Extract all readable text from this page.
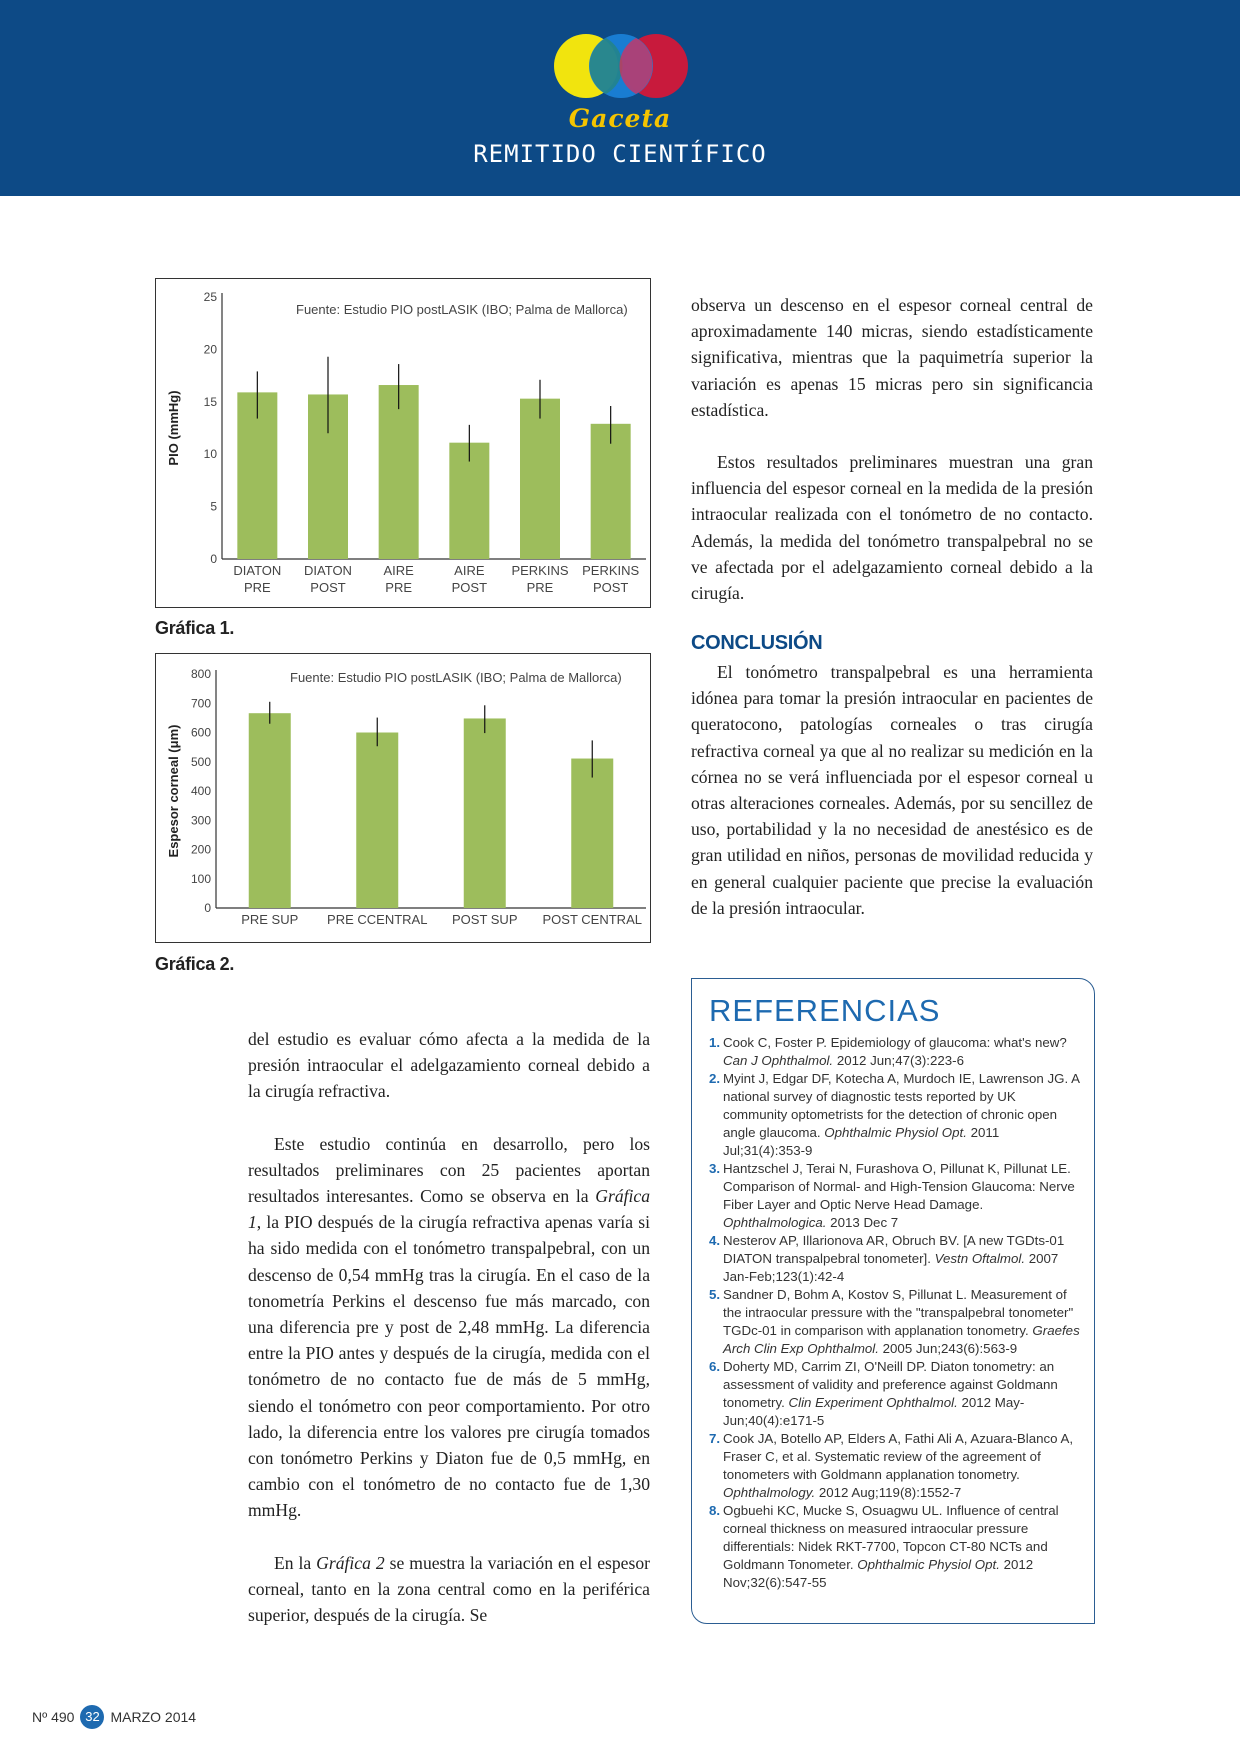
Gaceta
REMITIDO CIENTÍFICO
Fuente: Estudio PIO postLASIK (IBO; Palma de Mallorca)
PIO (mmHg)
0
5
10
15
20
25
DIATON
PRE
DIATON
POST
AIRE
PRE
AIRE
POST
PERKINS
PRE
PERKINS
POST
Gráfica 1.
Fuente: Estudio PIO postLASIK (IBO; Palma de Mallorca)
Espesor corneal (μm)
0
100
200
300
400
500
600
700
800
PRE SUP PRE CCENTRAL POST SUP POST CENTRAL
Gráfica 2.

del estudio es evaluar cómo afecta a la medida de la presión intraocular el adelgazamiento corneal debido a la cirugía refractiva.

Este estudio continúa en desarrollo, pero los resultados preliminares con 25 pacientes aportan resultados interesantes. Como se observa en la Gráfica 1, la PIO después de la cirugía refractiva apenas varía si ha sido medida con el tonómetro transpalpebral, con un descenso de 0,54 mmHg tras la cirugía. En el caso de la tonometría Perkins el descenso fue más marcado, con una diferencia pre y post de 2,48 mmHg. La diferencia entre la PIO antes y después de la cirugía, medida con el tonómetro de no contacto fue de más de 5 mmHg, siendo el tonómetro con peor comportamiento. Por otro lado, la diferencia entre los valores pre cirugía tomados con tonómetro Perkins y Diaton fue de 0,5 mmHg, en cambio con el tonómetro de no contacto fue de 1,30 mmHg.

En la Gráfica 2 se muestra la variación en el espesor corneal, tanto en la zona central como en la periférica superior, después de la cirugía. Se

observa un descenso en el espesor corneal central de aproximadamente 140 micras, siendo estadísticamente significativa, mientras que la paquimetría superior la variación es apenas 15 micras pero sin significancia estadística.

Estos resultados preliminares muestran una gran influencia del espesor corneal en la medida de la presión intraocular realizada con el tonómetro de no contacto. Además, la medida del tonómetro transpalpebral no se ve afectada por el adelgazamiento corneal debido a la cirugía.

CONCLUSIÓN

El tonómetro transpalpebral es una herramienta idónea para tomar la presión intraocular en pacientes de queratocono, patologías corneales o tras cirugía refractiva corneal ya que al no realizar su medición en la córnea no se verá influenciada por el espesor corneal u otras alteraciones corneales. Además, por su sencillez de uso, portabilidad y la no necesidad de anestésico es de gran utilidad en niños, personas de movilidad reducida y en general cualquier paciente que precise la evaluación de la presión intraocular.

REFERENCIAS
1. Cook C, Foster P. Epidemiology of glaucoma: what's new? Can J Ophthalmol. 2012 Jun;47(3):223-6
2. Myint J, Edgar DF, Kotecha A, Murdoch IE, Lawrenson JG. A national survey of diagnostic tests reported by UK community optometrists for the detection of chronic open angle glaucoma. Ophthalmic Physiol Opt. 2011 Jul;31(4):353-9
3. Hantzschel J, Terai N, Furashova O, Pillunat K, Pillunat LE. Comparison of Normal- and High-Tension Glaucoma: Nerve Fiber Layer and Optic Nerve Head Damage. Ophthalmologica. 2013 Dec 7
4. Nesterov AP, Illarionova AR, Obruch BV. [A new TGDts-01 DIATON transpalpebral tonometer]. Vestn Oftalmol. 2007 Jan-Feb;123(1):42-4
5. Sandner D, Bohm A, Kostov S, Pillunat L. Measurement of the intraocular pressure with the "transpalpebral tonometer" TGDc-01 in comparison with applanation tonometry. Graefes Arch Clin Exp Ophthalmol. 2005 Jun;243(6):563-9
6. Doherty MD, Carrim ZI, O'Neill DP. Diaton tonometry: an assessment of validity and preference against Goldmann tonometry. Clin Experiment Ophthalmol. 2012 May-Jun;40(4):e171-5
7. Cook JA, Botello AP, Elders A, Fathi Ali A, Azuara-Blanco A, Fraser C, et al. Systematic review of the agreement of tonometers with Goldmann applanation tonometry. Ophthalmology. 2012 Aug;119(8):1552-7
8. Ogbuehi KC, Mucke S, Osuagwu UL. Influence of central corneal thickness on measured intraocular pressure differentials: Nidek RKT-7700, Topcon CT-80 NCTs and Goldmann Tonometer. Ophthalmic Physiol Opt. 2012 Nov;32(6):547-55
Nº 490 32 MARZO 2014
